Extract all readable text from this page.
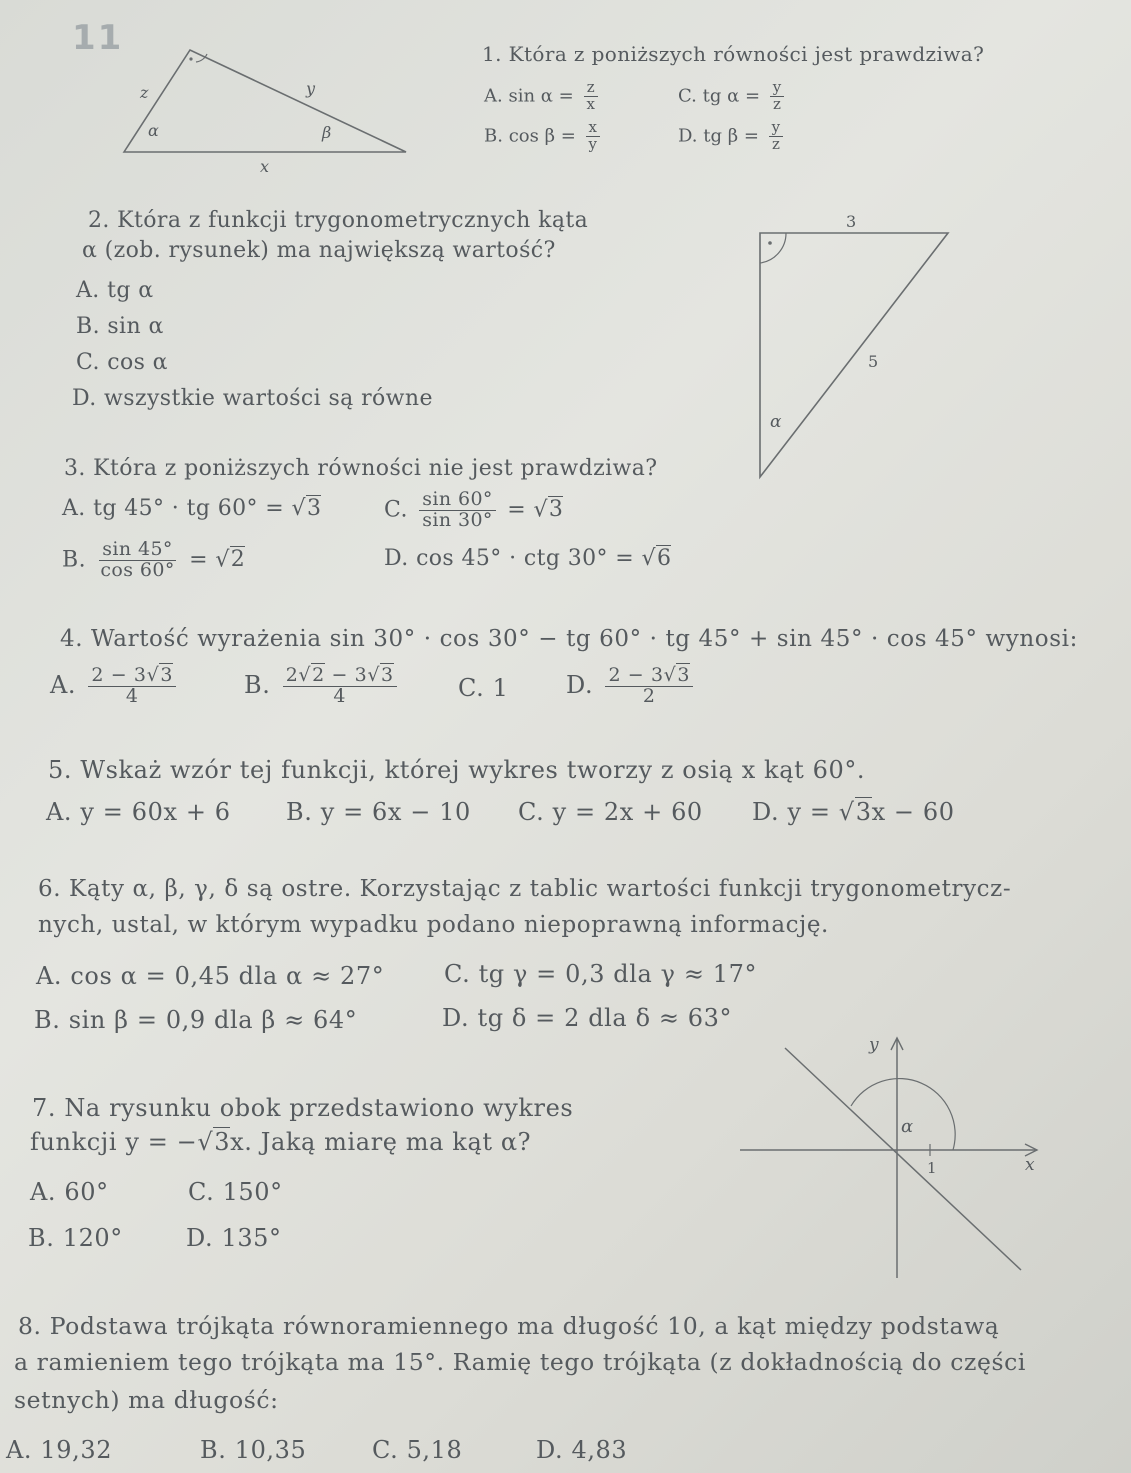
11
z	y
α	β
x
1. Która z poniższych równości jest prawdziwa?
A. $\sin \alpha = \frac{z}{x}$	C. tg $\alpha = \frac{y}{z}$
B. $\cos \beta = \frac{x}{y}$	D. tg $\beta = \frac{y}{z}$
2. Która z funkcji trygonometrycznych kąta
α (zob. rysunek) ma największą wartość?
A. tg α
B. sin α
C. cos α
D. wszystkie wartości są równe
3
5
α
3. Która z poniższych równości nie jest prawdziwa?
A. tg 45° · tg 60° = √3	C. $\frac{\sin 60^\circ}{\sin 30^\circ} = √3$
B. $\frac{\sin 45^\circ}{\cos 60^\circ} = √2$	D. cos 45° · ctg 30° = √6
4. Wartość wyrażenia sin 30° · cos 30° − tg 60° · tg 45° + sin 45° · cos 45° wynosi:
A. $\frac{2 - 3√3}{4}$	B. $\frac{2√2 - 3√3}{4}$	C. 1 D. $\frac{2 - 3√3}{2}$
5. Wskaż wzór tej funkcji, której wykres tworzy z osią x kąt 60°.
A. y = 60x + 6 B. y = 6x − 10 C. y = 2x + 60 D. y = √3x − 60
6. Kąty α, β, γ, δ są ostre. Korzystając z tablic wartości funkcji trygonometrycz-
nych, ustal, w którym wypadku podano niepoprawną informację.
A. cos α = 0,45 dla α ≈ 27° C. tg γ = 0,3 dla γ ≈ 17°
B. sin β = 0,9 dla β ≈ 64°	D. tg δ = 2 dla δ ≈ 63°
7. Na rysunku obok przedstawiono wykres
funkcji y = −√3x. Jaką miarę ma kąt α?
A. 60°	C. 150°
B. 120°	D. 135°
y
x
1
α
8. Podstawa trójkąta równoramiennego ma długość 10, a kąt między podstawą
a ramieniem tego trójkąta ma 15°. Ramię tego trójkąta (z dokładnością do części
setnych) ma długość:
A. 19,32	B. 10,35	C. 5,18	D. 4,83
